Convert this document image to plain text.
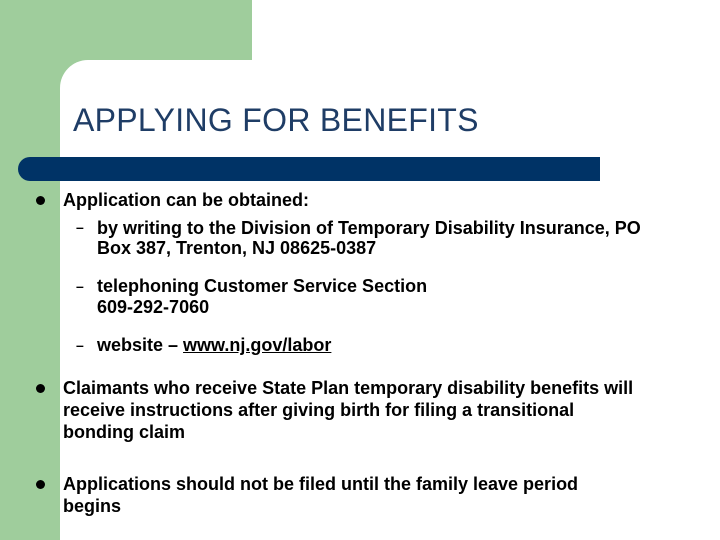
APPLYING FOR BENEFITS
Application can be obtained:
– by writing to the Division of Temporary Disability Insurance, PO
Box 387, Trenton, NJ 08625-0387
– telephoning Customer Service Section
609-292-7060
– website – www.nj.gov/labor
Claimants who receive State Plan temporary disability benefits will
receive instructions after giving birth for filing a transitional
bonding claim
Applications should not be filed until the family leave period
begins
